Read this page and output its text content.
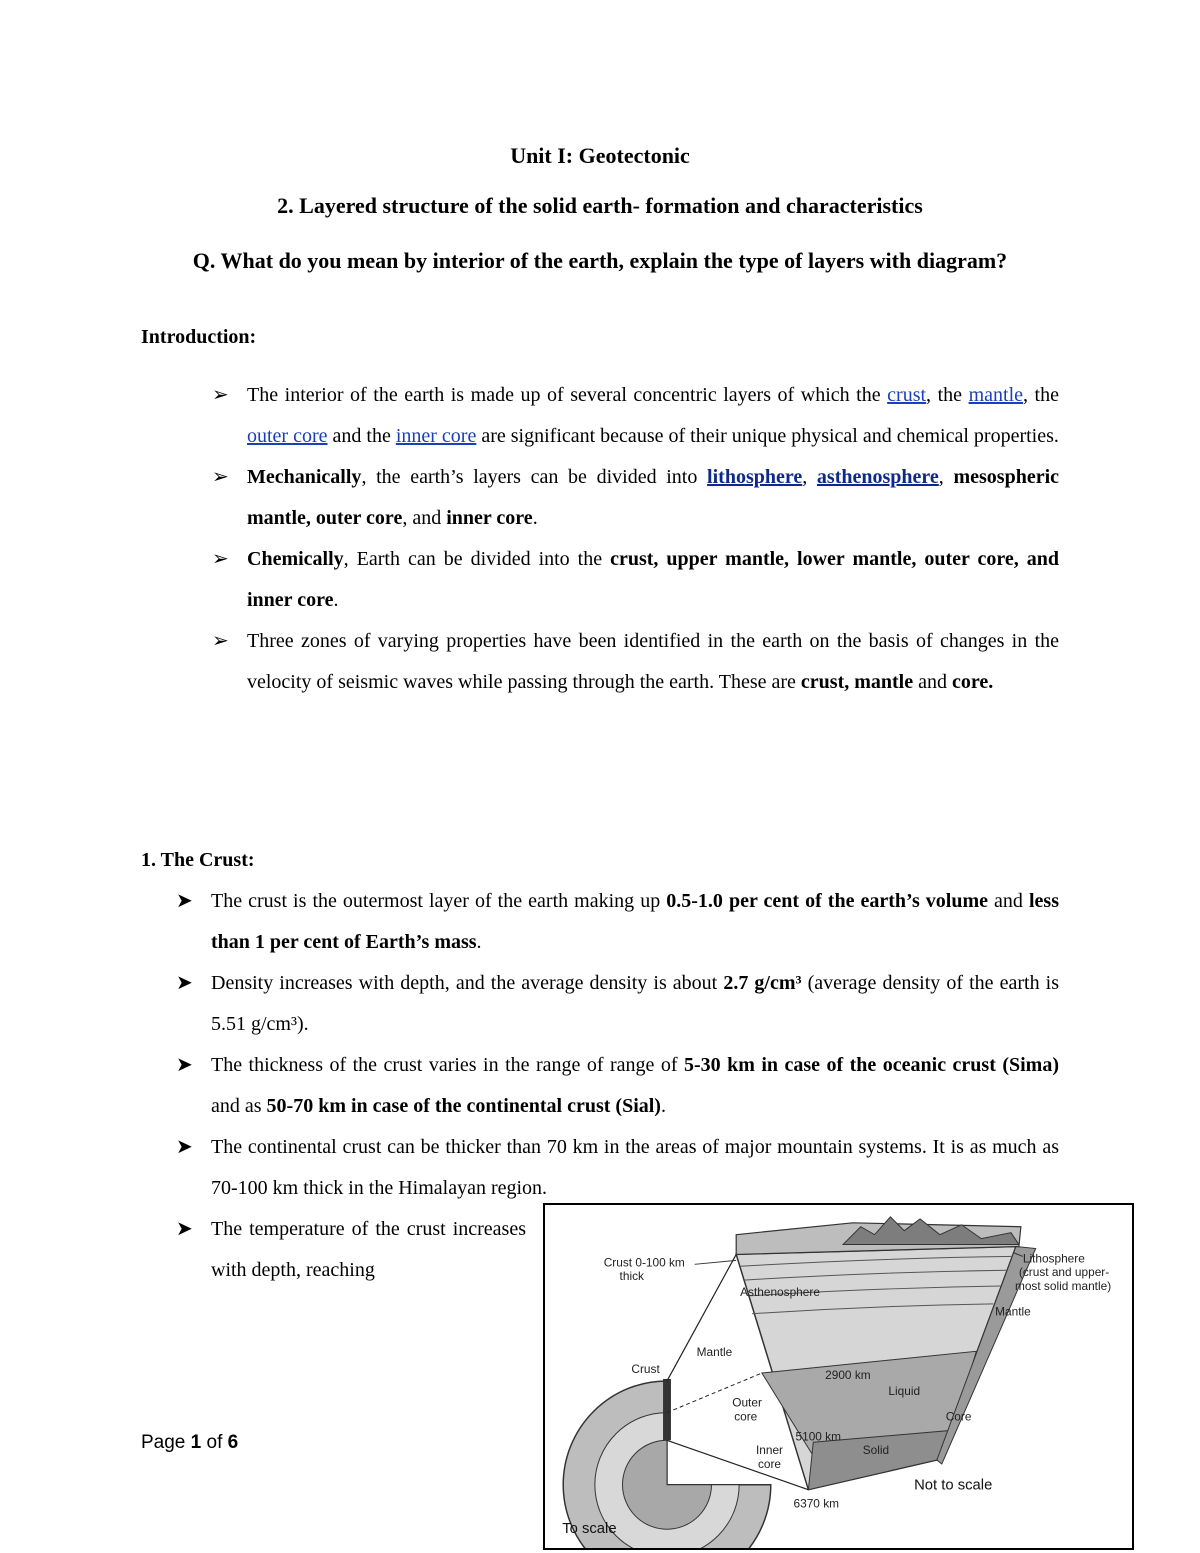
Unit I: Geotectonic
2. Layered structure of the solid earth- formation and characteristics
Q. What do you mean by interior of the earth, explain the type of layers with diagram?
Introduction:
➢ The interior of the earth is made up of several concentric layers of which the crust, the mantle, the outer core and the inner core are significant because of their unique physical and chemical properties.
➢ Mechanically, the earth’s layers can be divided into lithosphere, asthenosphere, mesospheric mantle, outer core, and inner core.
➢ Chemically, Earth can be divided into the crust, upper mantle, lower mantle, outer core, and inner core.
➢ Three zones of varying properties have been identified in the earth on the basis of changes in the velocity of seismic waves while passing through the earth. These are crust, mantle and core.
1. The Crust:
➤ The crust is the outermost layer of the earth making up 0.5-1.0 per cent of the earth’s volume and less than 1 per cent of Earth’s mass.
➤ Density increases with depth, and the average density is about 2.7 g/cm³ (average density of the earth is 5.51 g/cm³).
➤ The thickness of the crust varies in the range of range of 5-30 km in case of the oceanic crust (Sima) and as 50-70 km in case of the continental crust (Sial).
➤ The continental crust can be thicker than 70 km in the areas of major mountain systems. It is as much as 70-100 km thick in the Himalayan region.
➤ The temperature of the crust increases with depth, reaching	Crust 0-100 km
thick
Lithosphere
(crust and upper-
most solid mantle)
Asthenosphere
Mantle
Mantle
Crust	2900 km
Liquid
Outer
core	Core
5100 km
Inner
core
Solid
Not to scale
6370 km
To scale
Page 1 of 6
